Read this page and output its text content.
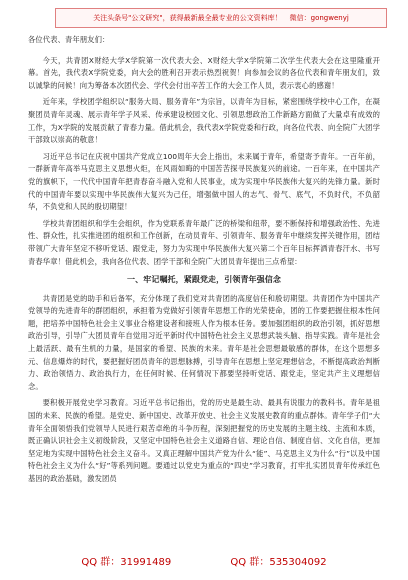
关注头条号"公文研究"，获得最新最全最专业的公文资料库！ 微信：gongwenyj

各位代表、青年朋友们：

今天，共青团X财经大学X学院第一次代表大会、X财经大学X学院第二次学生代表大会在这里隆重开幕。首先，我代表X学院党委，向大会的胜利召开表示热烈祝贺！向参加会议的各位代表和青年朋友们，致以诚挚的问候！向为筹备本次团代会、学代会付出辛苦工作的大会工作人员，表示衷心的感谢！

近年来，学校团学组织以“服务大局、服务青年”为宗旨，以青年为目标，紧密围绕学校中心工作，在凝聚团员青年灵魂、展示青年学子风采、传承建设校园文化、引领思想政治工作新路方面做了大量卓有成效的工作，为X学院的发展贡献了青春力量。借此机会，我代表X学院党委和行政，向各位代表、向全院广大团学干部致以崇高的敬意！

习近平总书记在庆祝中国共产党成立100周年大会上指出，未来属于青年，希望寄予青年。一百年前，一群新青年高举马克思主义思想火炬，在风雨如晦的中国苦苦探寻民族复兴的前途。一百年来，在中国共产党的旗帜下，一代代中国青年把青春奋斗融入党和人民事业，成为实现中华民族伟大复兴的先锋力量。新时代的中国青年要以实现中华民族伟大复兴为己任，增强做中国人的志气、骨气、底气，不负时代，不负韶华，不负党和人民的殷切期望！

学校共青团组织和学生会组织，作为党联系青年最广泛的桥梁和纽带，要不断保持和增强政治性、先进性、群众性，扎实推进团的组织和工作创新，在动员青年、引领青年、服务青年中继续发挥关键作用，团结带领广大青年坚定不移听党话、跟党走，努力为实现中华民族伟大复兴第二个百年目标挥洒青春汗水、书写青春华章！借此机会，我向各位代表、团学干部和全院广大团员青年提出三点希望：

一、牢记嘱托，紧跟党走，引领青年强信念

共青团是党的助手和后备军，充分体现了我们党对共青团的高度信任和殷切期望。共青团作为中国共产党领导的先进青年的群团组织，承担着为党做好引领青年思想工作的光荣使命，团的工作要把握住根本性问题，把培养中国特色社会主义事业合格建设者和接班人作为根本任务。要加强团组织的政治引领，抓好思想政治引导，引导广大团员青年自觉用习近平新时代中国特色社会主义思想武装头脑、指导实践。青年是社会上最活跃、最有生机的力量，是国家的希望、民族的未来。青年是社会思想最敏感的群体，在这个思想多元、信息爆炸的时代，要把握好团员青年的思想脉搏，引导青年在思想上坚定理想信念，不断提高政治判断力、政治领悟力、政治执行力，在任何时候、任何情况下都要坚持听党话、跟党走，坚定共产主义理想信念。

要积极开展党史学习教育。习近平总书记指出，党的历史是最生动、最具有说服力的教科书。青年是祖国的未来、民族的希望。是党史、新中国史、改革开放史、社会主义发展史教育的重点群体。青年学子们“大青年全面领悟我们党领导人民进行艰苦卓绝的斗争历程，深刻把握党的历史发展的主题主线、主流和本质，既正确认识社会主义初级阶段，又坚定中国特色社会主义道路自信、理论自信、制度自信、文化自信，更加坚定地为实现中国特色社会主义奋斗。又真正理解中国共产党为什么“能”、马克思主义为什么“行”以及中国特色社会主义为什么“好”等系列问题。要通过以党史为重点的“四史”学习教育，打牢扎实团员青年传承红色基因的政治基础，激发团员

QQ 群：31991489	QQ 群：535304092
